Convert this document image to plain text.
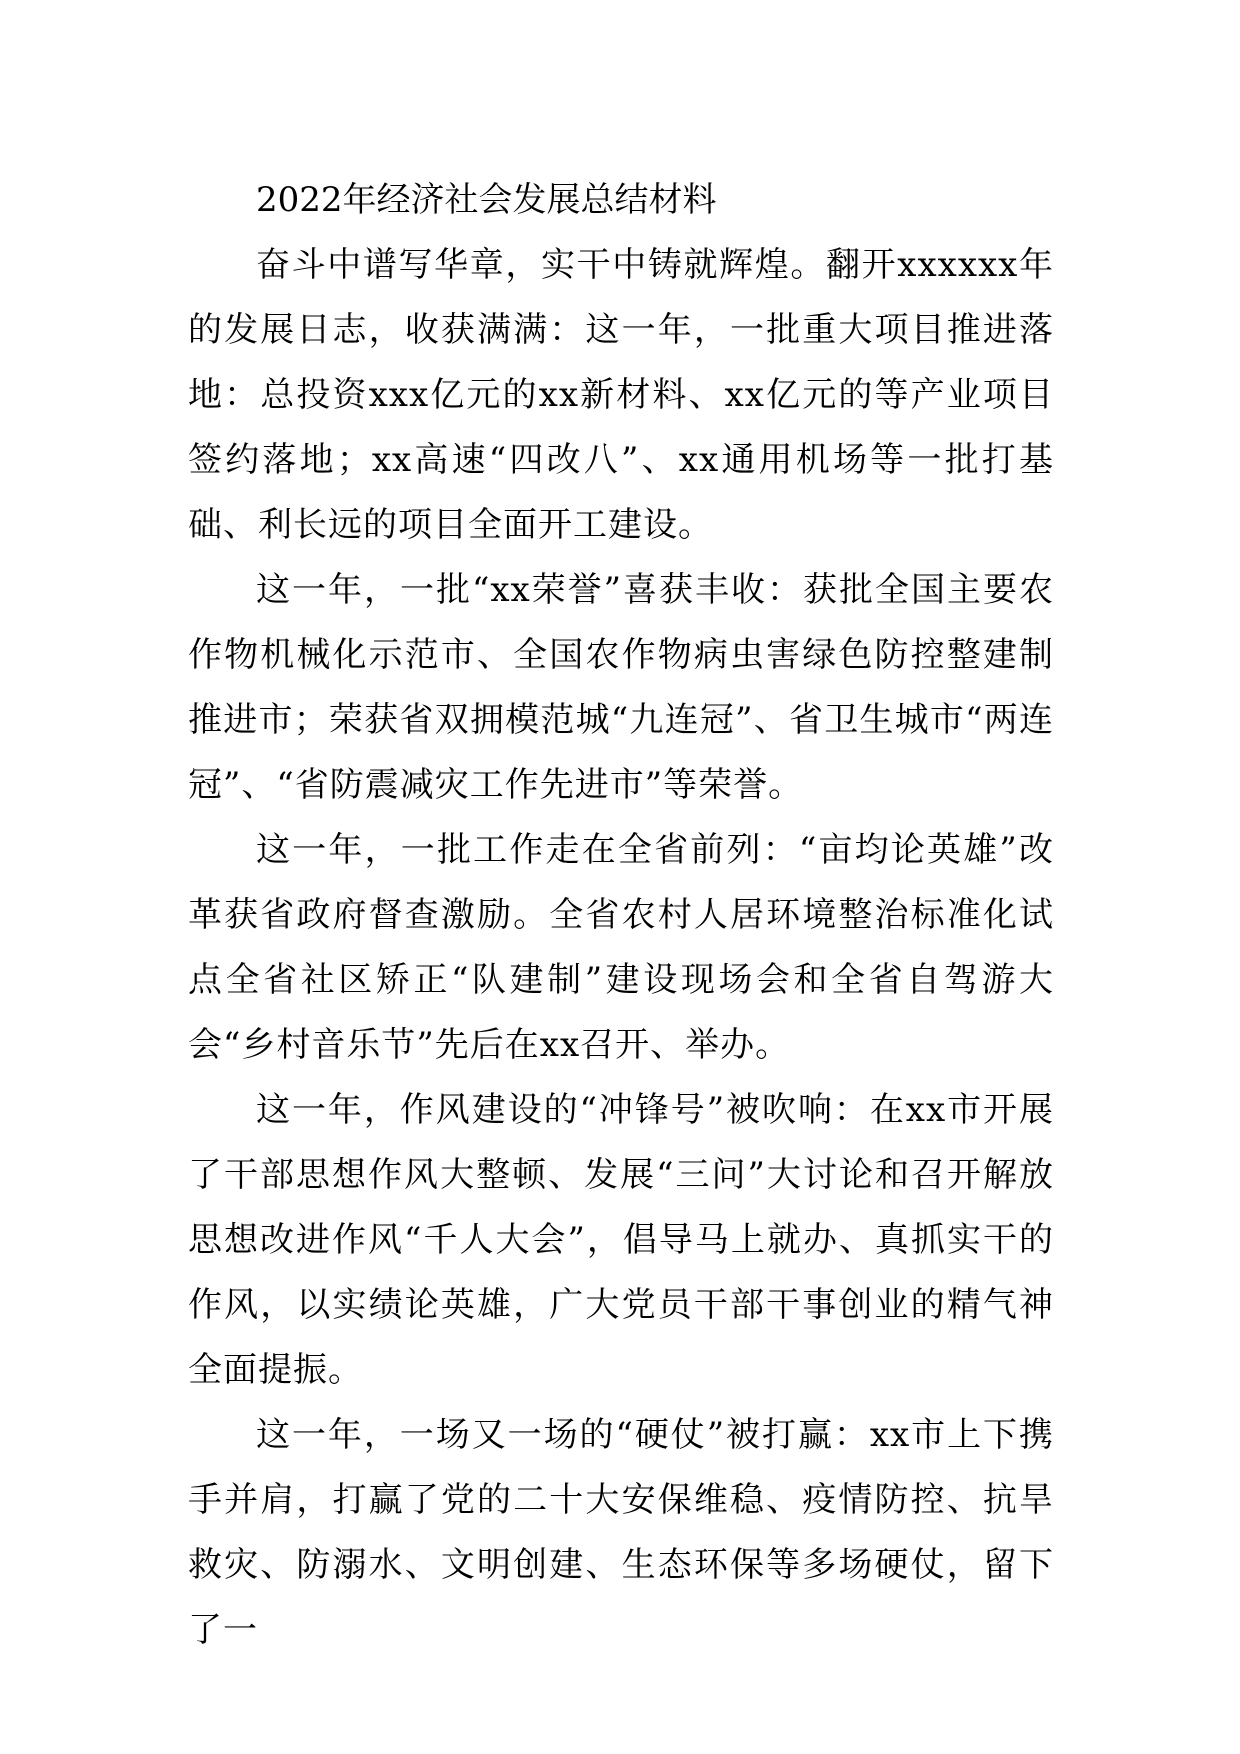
2022年经济社会发展总结材料

奋斗中谱写华章，实干中铸就辉煌。翻开xxxxxx年的发展日志，收获满满：这一年，一批重大项目推进落地：总投资xxx亿元的xx新材料、xx亿元的等产业项目签约落地；xx高速“四改八”、xx通用机场等一批打基础、利长远的项目全面开工建设。

这一年，一批“xx荣誉”喜获丰收：获批全国主要农作物机械化示范市、全国农作物病虫害绿色防控整建制推进市；荣获省双拥模范城“九连冠”、省卫生城市“两连冠”、“省防震减灾工作先进市”等荣誉。

这一年，一批工作走在全省前列：“亩均论英雄”改革获省政府督查激励。全省农村人居环境整治标准化试点全省社区矫正“队建制”建设现场会和全省自驾游大会“乡村音乐节”先后在xx召开、举办。

这一年，作风建设的“冲锋号”被吹响：在xx市开展了干部思想作风大整顿、发展“三问”大讨论和召开解放思想改进作风“千人大会”，倡导马上就办、真抓实干的作风，以实绩论英雄，广大党员干部干事创业的精气神全面提振。

这一年，一场又一场的“硬仗”被打赢：xx市上下携手并肩，打赢了党的二十大安保维稳、疫情防控、抗旱救灾、防溺水、文明创建、生态环保等多场硬仗，留下了一
